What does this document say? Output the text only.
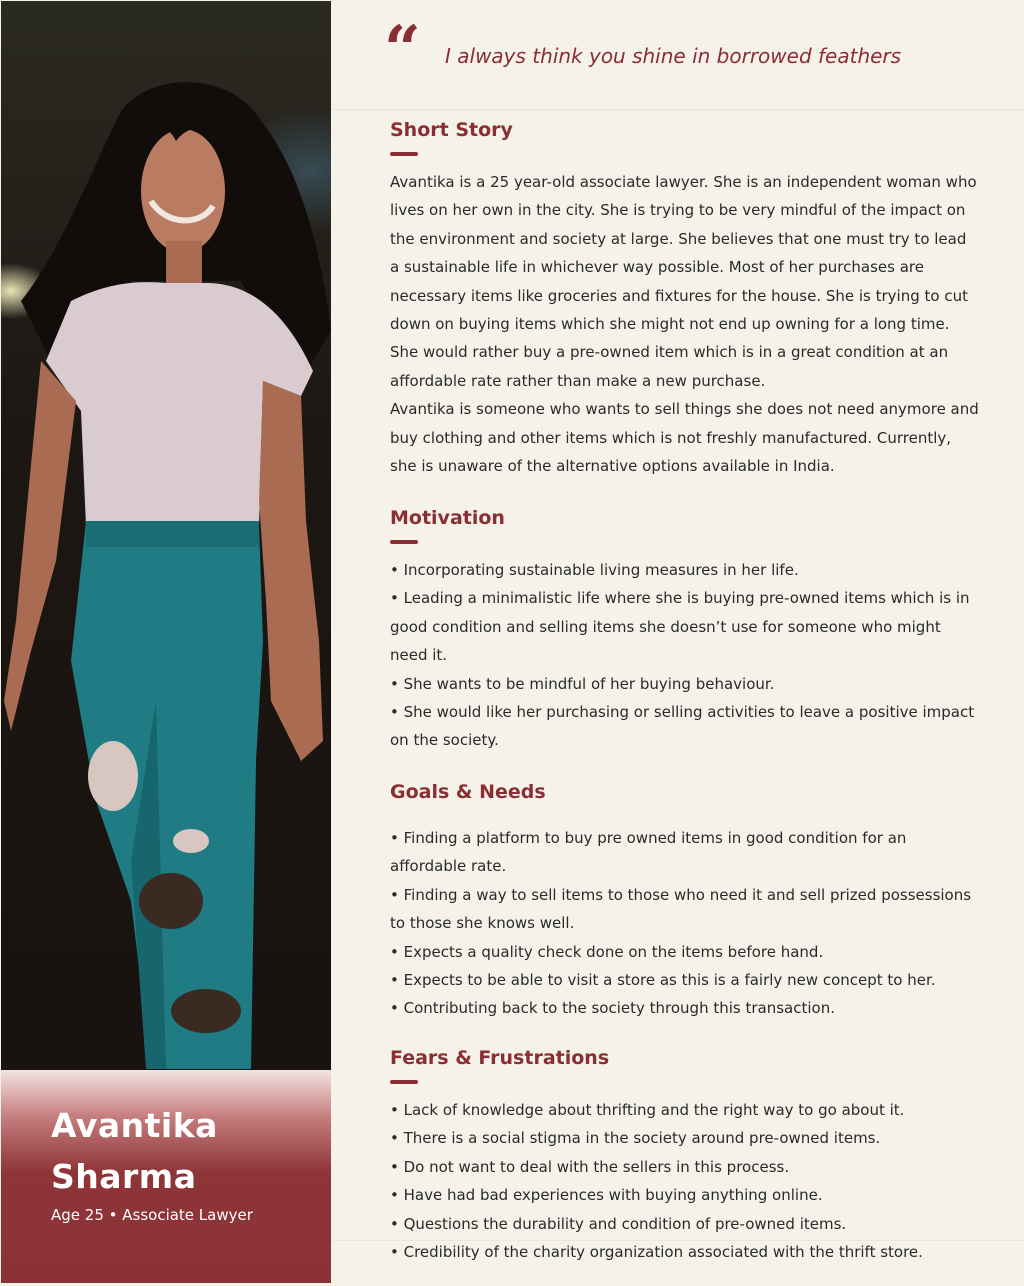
Avantika Sharma
Age 25 • Associate Lawyer
“ I always think you shine in borrowed feathers
Short Story

Avantika is a 25 year-old associate lawyer. She is an independent woman who lives on her own in the city. She is trying to be very mindful of the impact on the environment and society at large. She believes that one must try to lead a sustainable life in whichever way possible. Most of her purchases are necessary items like groceries and fixtures for the house. She is trying to cut down on buying items which she might not end up owning for a long time. She would rather buy a pre-owned item which is in a great condition at an affordable rate rather than make a new purchase.

Avantika is someone who wants to sell things she does not need anymore and buy clothing and other items which is not freshly manufactured. Currently, she is unaware of the alternative options available in India.

Motivation

• Incorporating sustainable living measures in her life.

• Leading a minimalistic life where she is buying pre-owned items which is in good condition and selling items she doesn’t use for someone who might need it.

• She wants to be mindful of her buying behaviour.

• She would like her purchasing or selling activities to leave a positive impact on the society.

Goals & Needs

• Finding a platform to buy pre owned items in good condition for an affordable rate.

• Finding a way to sell items to those who need it and sell prized possessions to those she knows well.

• Expects a quality check done on the items before hand.

• Expects to be able to visit a store as this is a fairly new concept to her.

• Contributing back to the society through this transaction.

Fears & Frustrations

• Lack of knowledge about thrifting and the right way to go about it.

• There is a social stigma in the society around pre-owned items.

• Do not want to deal with the sellers in this process.

• Have had bad experiences with buying anything online.

• Questions the durability and condition of pre-owned items.

• Credibility of the charity organization associated with the thrift store.
